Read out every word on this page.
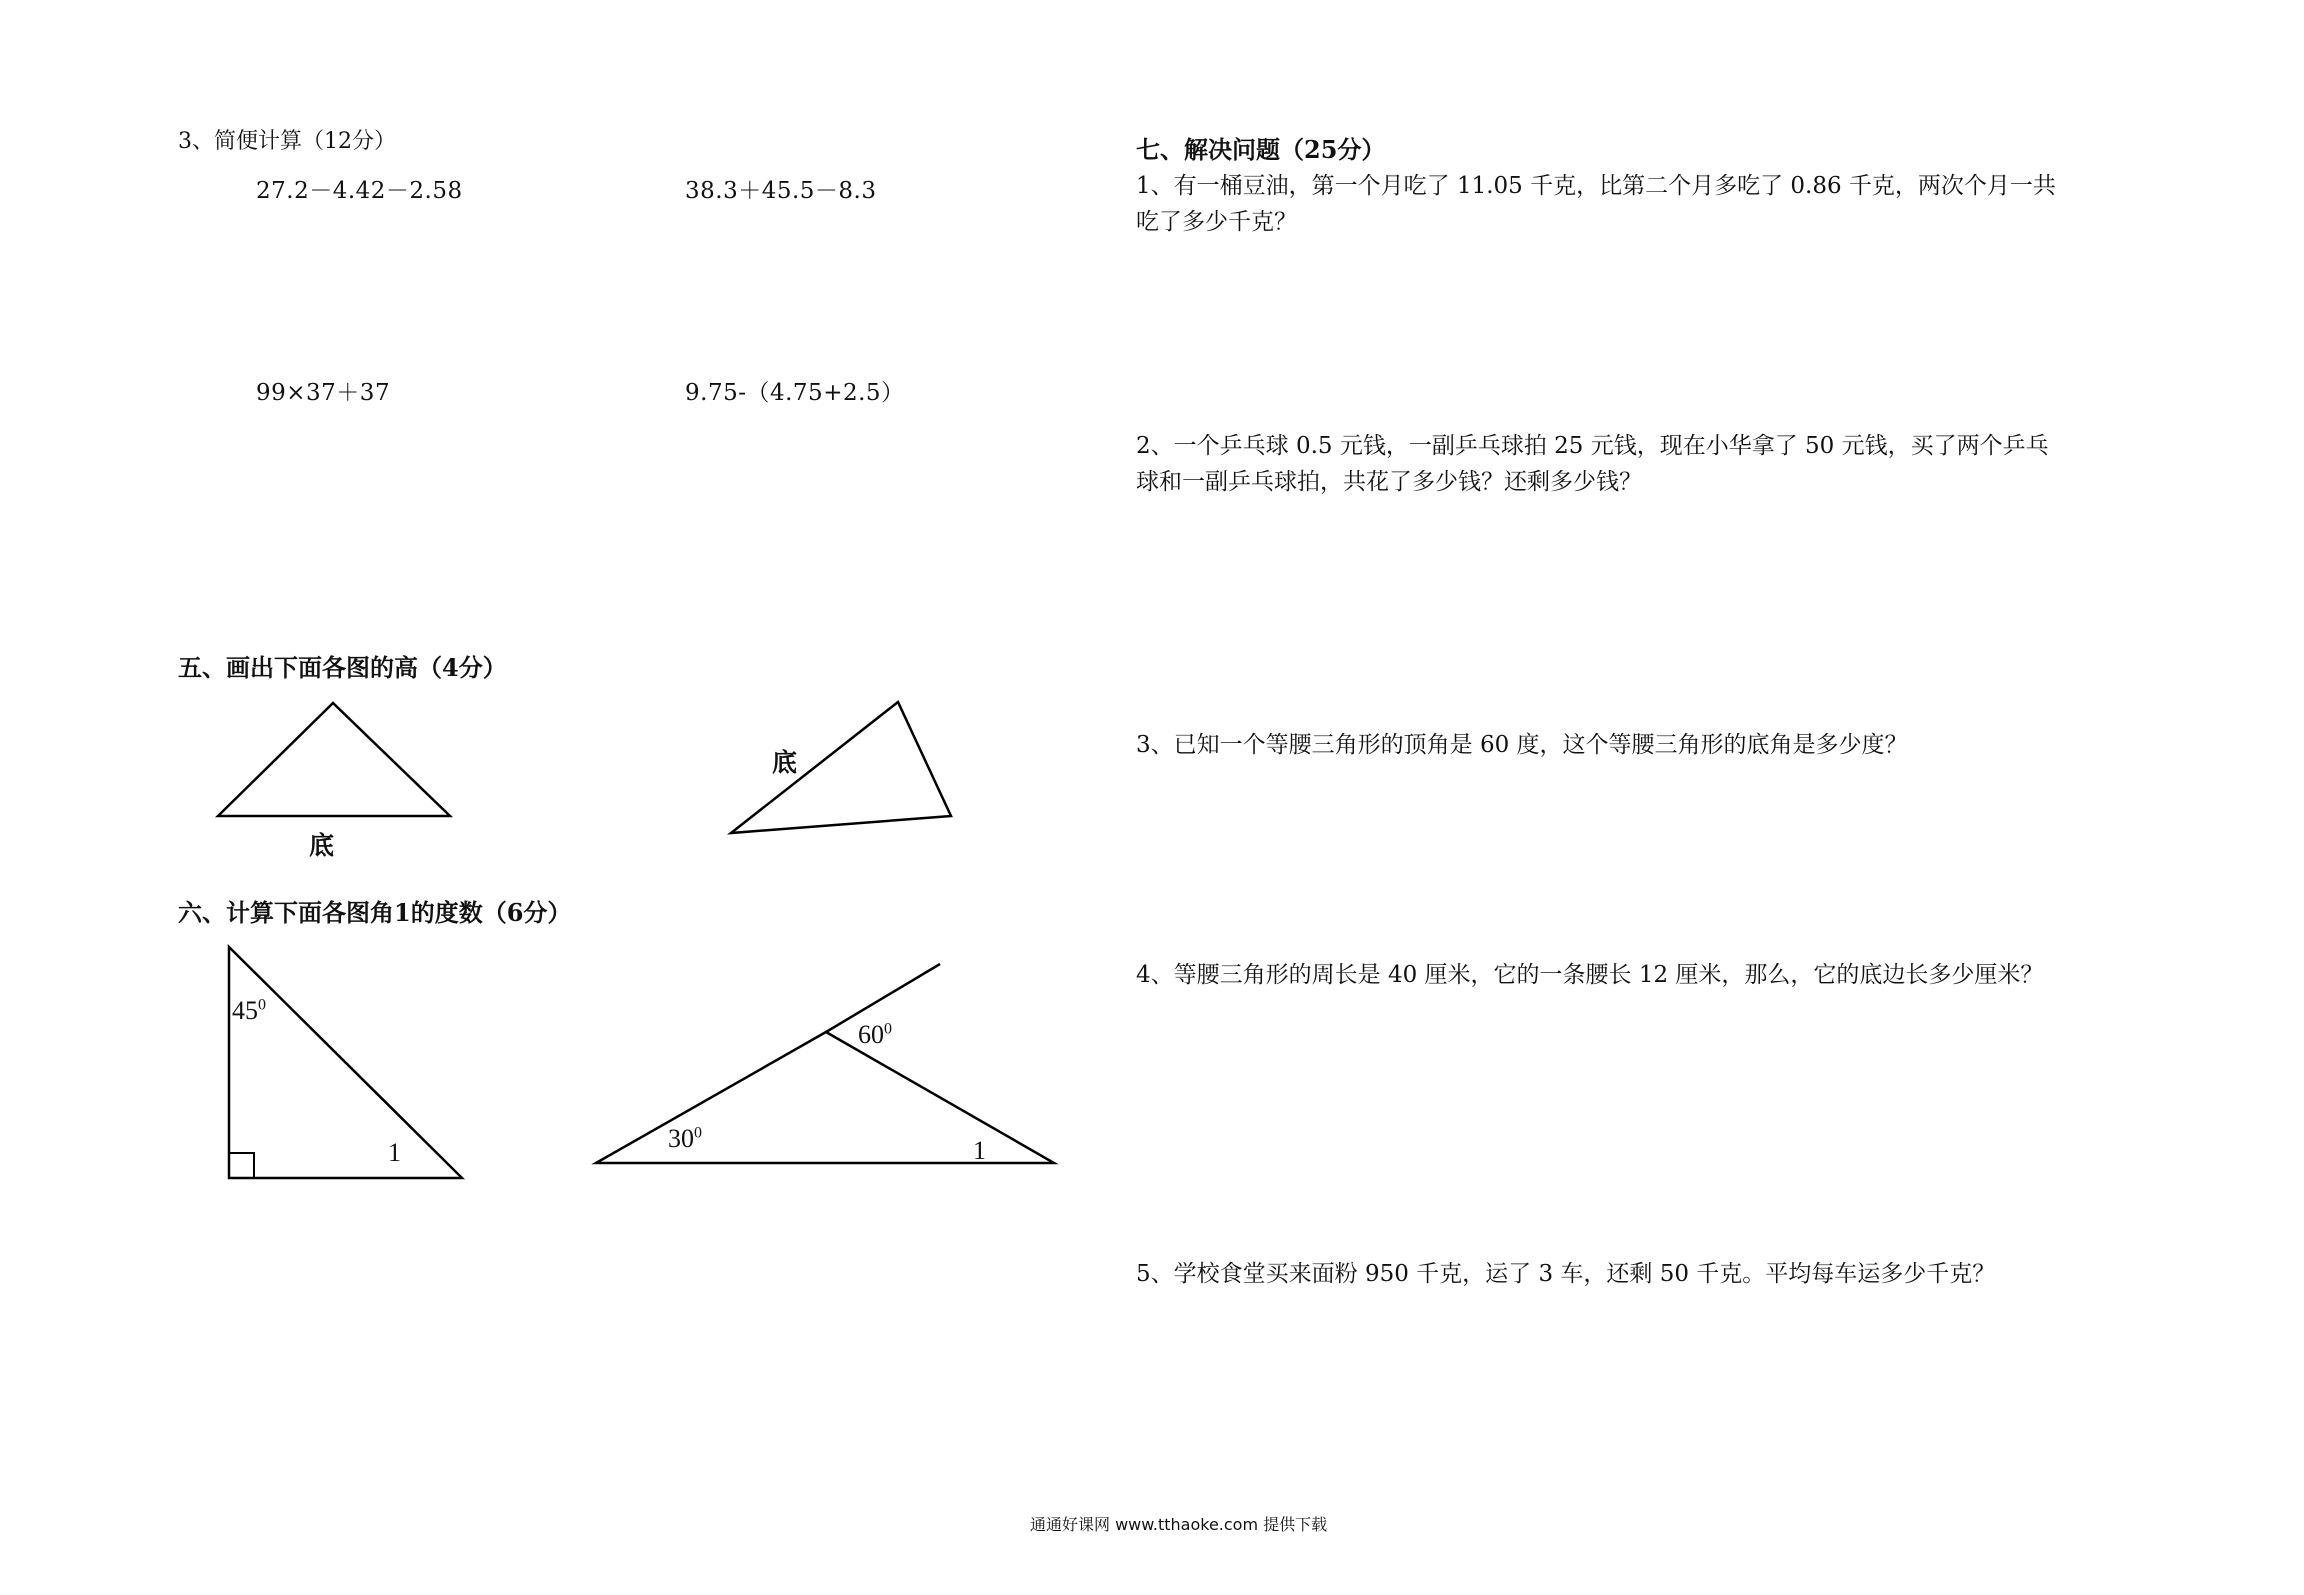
3、简便计算（12分）
27.2－4.42－2.58	38.3＋45.5－8.3
99×37＋37	9.75-（4.75+2.5）
五、画出下面各图的高（4分）
底
底
六、计算下面各图角1的度数（6分）
$45^0$
1
$60^0$
$30^0$
1
七、解决问题（25分）
1、有一桶豆油，第一个月吃了 11.05 千克，比第二个月多吃了 0.86 千克，两次个月一共吃了多少千克？
2、一个乒乓球 0.5 元钱，一副乒乓球拍 25 元钱，现在小华拿了 50 元钱，买了两个乒乓球和一副乒乓球拍，共花了多少钱？还剩多少钱？
3、已知一个等腰三角形的顶角是 60 度，这个等腰三角形的底角是多少度？
4、等腰三角形的周长是 40 厘米，它的一条腰长 12 厘米，那么，它的底边长多少厘米？
5、学校食堂买来面粉 950 千克，运了 3 车，还剩 50 千克。平均每车运多少千克？
通通好课网 www.tthaoke.com 提供下载
